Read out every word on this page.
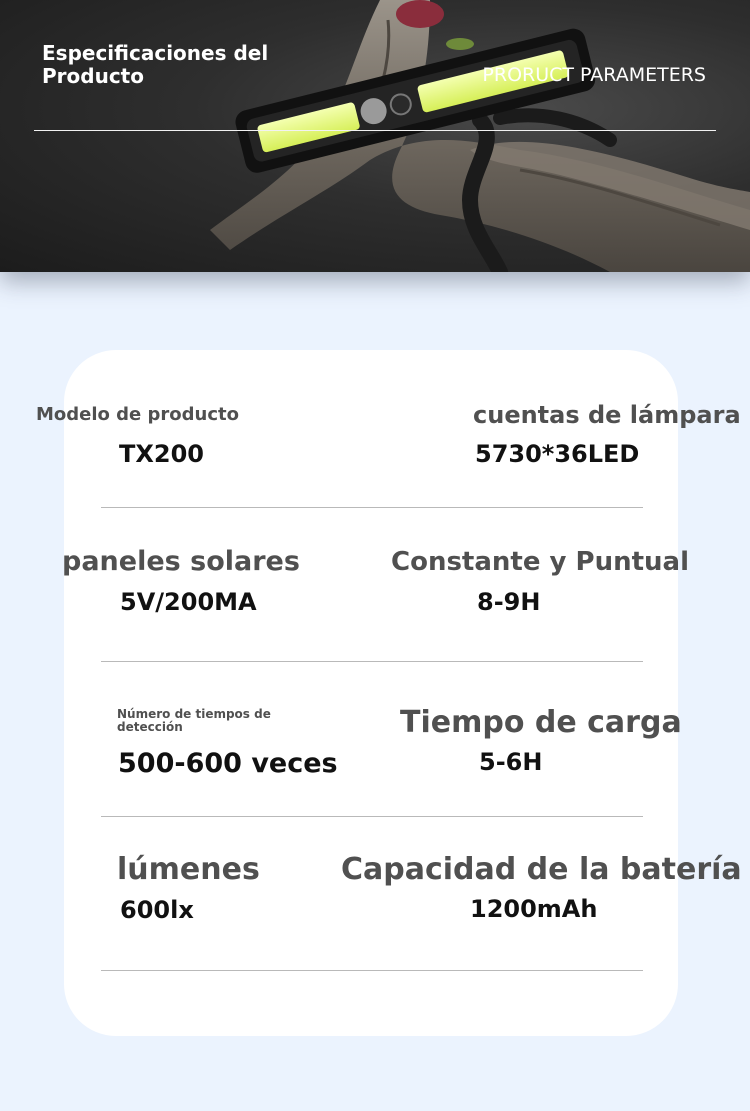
Especificaciones del Producto	PRORUCT PARAMETERS
Modelo de producto
TX200
cuentas de lámpara
5730*36LED
paneles solares
5V/200MA
Constante y Puntual
8-9H
Número de tiempos de detección
500-600 veces
Tiempo de carga
5-6H
lúmenes
600lx
Capacidad de la batería
1200mAh
